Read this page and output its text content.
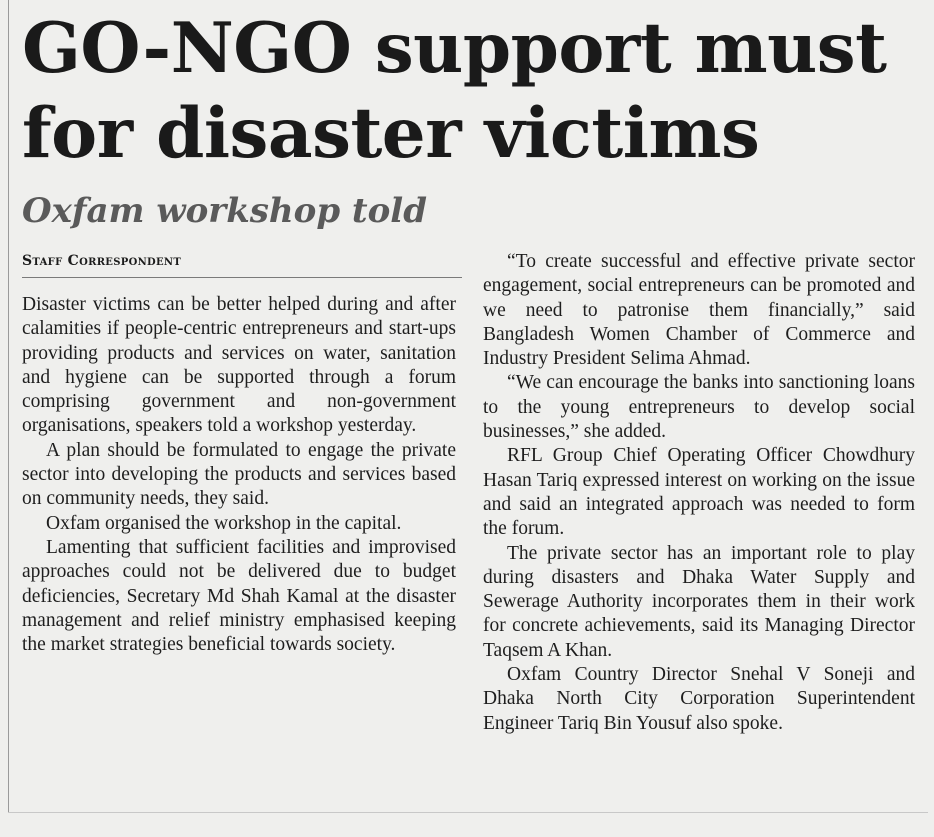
GO-NGO support must
for disaster victims
Oxfam workshop told
Staff Correspondent

Disaster victims can be better helped during and after calamities if people-centric entrepreneurs and start-ups providing products and services on water, sanitation and hygiene can be supported through a forum comprising government and non-government organisations, speakers told a workshop yesterday.

A plan should be formulated to engage the private sector into developing the products and services based on community needs, they said.

Oxfam organised the workshop in the capital.

Lamenting that sufficient facilities and improvised approaches could not be delivered due to budget deficiencies, Secretary Md Shah Kamal at the disaster management and relief ministry emphasised keeping the market strategies beneficial towards society.

“To create successful and effective private sector engagement, social entrepreneurs can be promoted and we need to patronise them financially,” said Bangladesh Women Chamber of Commerce and Industry President Selima Ahmad.

“We can encourage the banks into sanctioning loans to the young entrepreneurs to develop social businesses,” she added.

RFL Group Chief Operating Officer Chowdhury Hasan Tariq expressed interest on working on the issue and said an integrated approach was needed to form the forum.

The private sector has an important role to play during disasters and Dhaka Water Supply and Sewerage Authority incorporates them in their work for concrete achievements, said its Managing Director Taqsem A Khan.

Oxfam Country Director Snehal V Soneji and Dhaka North City Corporation Superintendent Engineer Tariq Bin Yousuf also spoke.
